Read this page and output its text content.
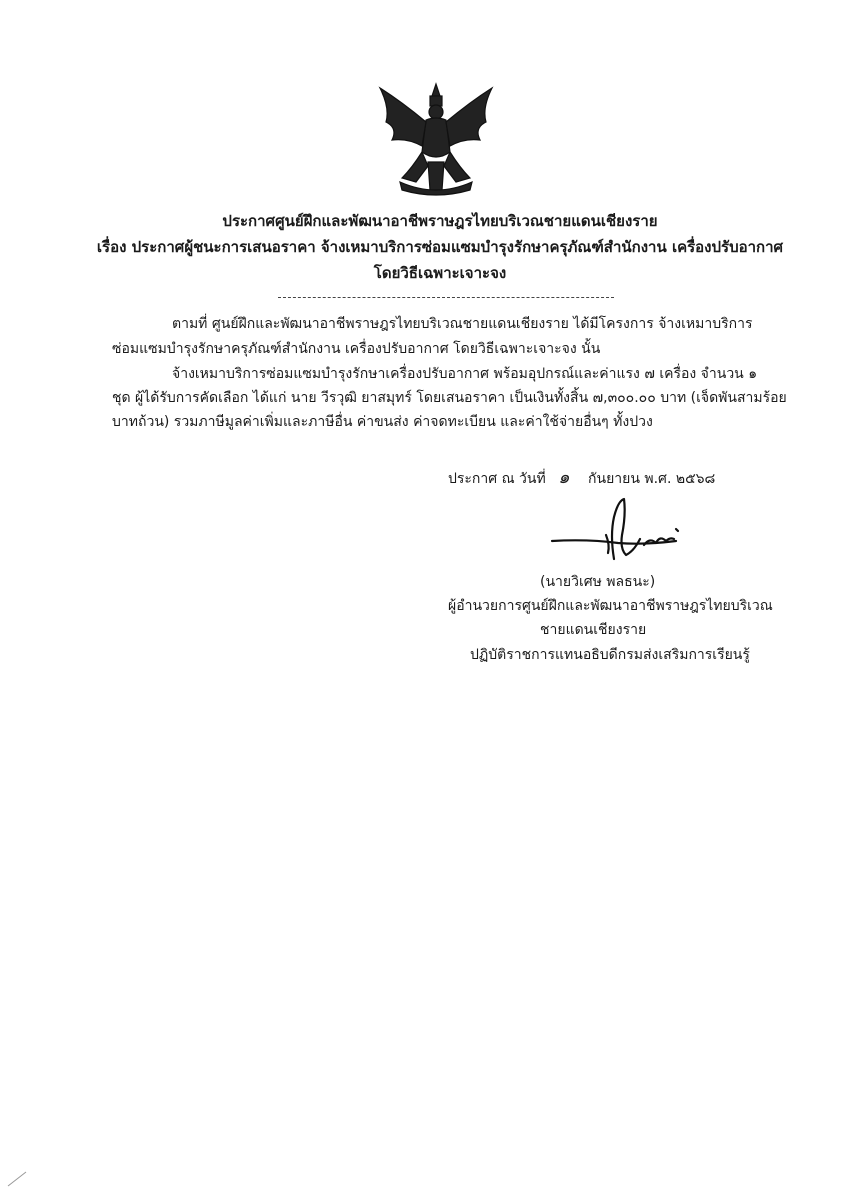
ประกาศศูนย์ฝึกและพัฒนาอาชีพราษฎรไทยบริเวณชายแดนเชียงราย
เรื่อง ประกาศผู้ชนะการเสนอราคา จ้างเหมาบริการซ่อมแซมบำรุงรักษาครุภัณฑ์สำนักงาน เครื่องปรับอากาศ
โดยวิธีเฉพาะเจาะจง
ตามที่ ศูนย์ฝึกและพัฒนาอาชีพราษฎรไทยบริเวณชายแดนเชียงราย ได้มีโครงการ จ้างเหมาบริการ
ซ่อมแซมบำรุงรักษาครุภัณฑ์สำนักงาน เครื่องปรับอากาศ โดยวิธีเฉพาะเจาะจง นั้น
จ้างเหมาบริการซ่อมแซมบำรุงรักษาเครื่องปรับอากาศ พร้อมอุปกรณ์และค่าแรง ๗ เครื่อง จำนวน ๑
ชุด ผู้ได้รับการคัดเลือก ได้แก่ นาย วีรวุฒิ ยาสมุทร์ โดยเสนอราคา เป็นเงินทั้งสิ้น ๗,๓๐๐.๐๐ บาท (เจ็ดพันสามร้อย
บาทถ้วน) รวมภาษีมูลค่าเพิ่มและภาษีอื่น ค่าขนส่ง ค่าจดทะเบียน และค่าใช้จ่ายอื่นๆ ทั้งปวง
ประกาศ ณ วันที่ ๑ กันยายน พ.ศ. ๒๕๖๘
(นายวิเศษ พลธนะ)
ผู้อำนวยการศูนย์ฝึกและพัฒนาอาชีพราษฎรไทยบริเวณ
ชายแดนเชียงราย
ปฏิบัติราชการแทนอธิบดีกรมส่งเสริมการเรียนรู้
